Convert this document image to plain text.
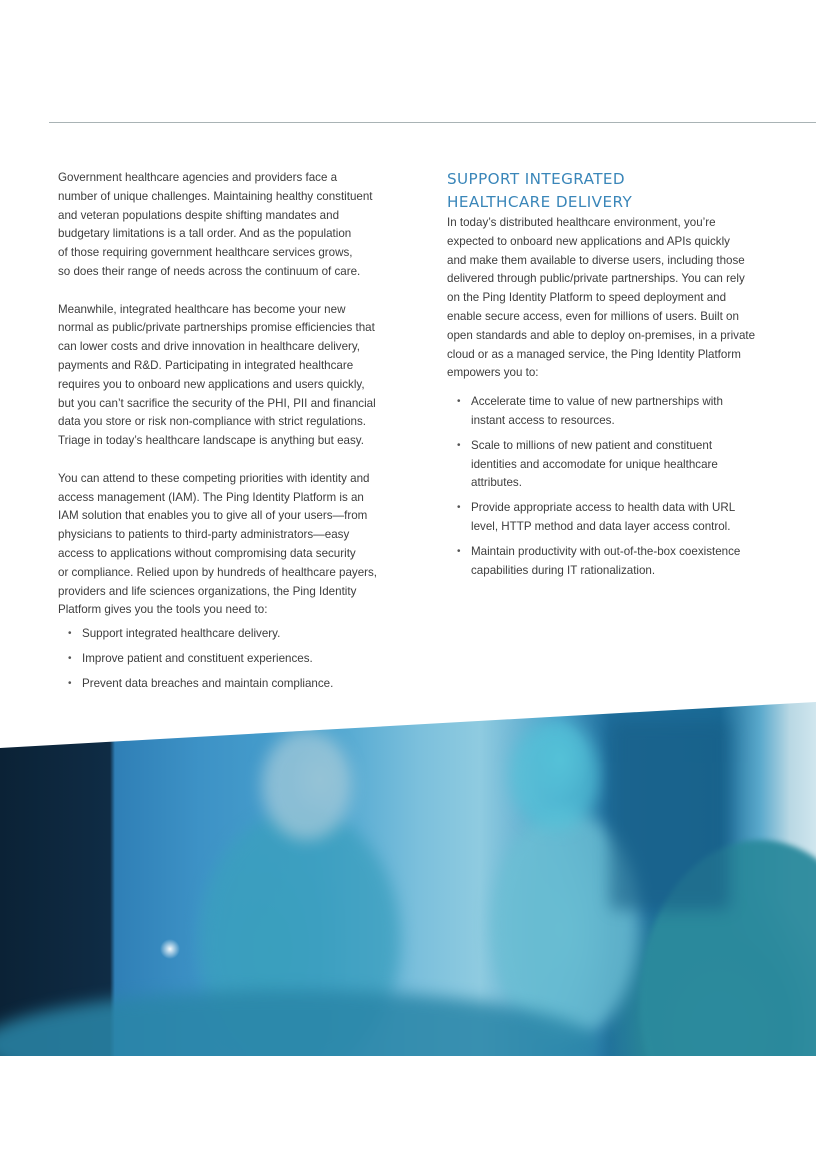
Government healthcare agencies and providers face a
number of unique challenges. Maintaining healthy constituent
and veteran populations despite shifting mandates and
budgetary limitations is a tall order. And as the population
of those requiring government healthcare services grows,
so does their range of needs across the continuum of care.

Meanwhile, integrated healthcare has become your new
normal as public/private partnerships promise efficiencies that
can lower costs and drive innovation in healthcare delivery,
payments and R&D. Participating in integrated healthcare
requires you to onboard new applications and users quickly,
but you can’t sacrifice the security of the PHI, PII and financial
data you store or risk non-compliance with strict regulations.
Triage in today’s healthcare landscape is anything but easy.

You can attend to these competing priorities with identity and
access management (IAM). The Ping Identity Platform is an
IAM solution that enables you to give all of your users—from
physicians to patients to third-party administrators—easy
access to applications without compromising data security
or compliance. Relied upon by hundreds of healthcare payers,
providers and life sciences organizations, the Ping Identity
Platform gives you the tools you need to:

• Support integrated healthcare delivery.
• Improve patient and constituent experiences.
• Prevent data breaches and maintain compliance.
SUPPORT INTEGRATED
HEALTHCARE DELIVERY

In today’s distributed healthcare environment, you’re
expected to onboard new applications and APIs quickly
and make them available to diverse users, including those
delivered through public/private partnerships. You can rely
on the Ping Identity Platform to speed deployment and
enable secure access, even for millions of users. Built on
open standards and able to deploy on-premises, in a private
cloud or as a managed service, the Ping Identity Platform
empowers you to:

• Accelerate time to value of new partnerships with
instant access to resources.
• Scale to millions of new patient and constituent
identities and accomodate for unique healthcare
attributes.
• Provide appropriate access to health data with URL
level, HTTP method and data layer access control.
• Maintain productivity with out-of-the-box coexistence
capabilities during IT rationalization.
